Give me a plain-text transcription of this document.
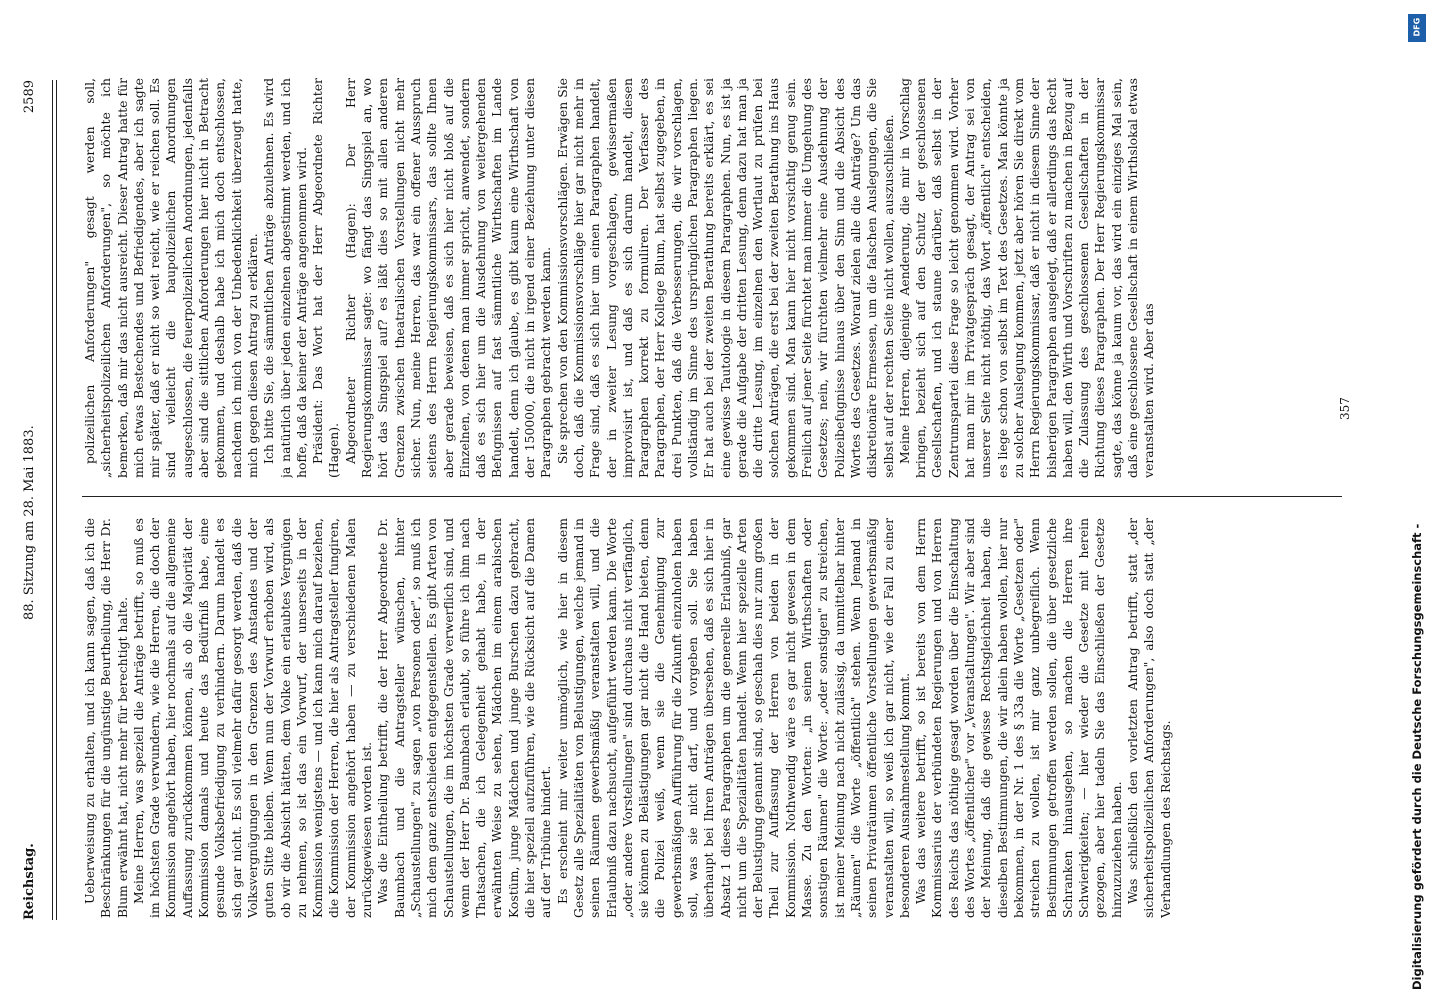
Reichstag.
88. Sitzung am 28. Mai 1883.
2589

Ueberweisung zu erhalten, und ich kann sagen, daß ich die Beschränkungen für die ungünstige Beurtheilung, die Herr Dr. Blum erwähnt hat, nicht mehr für berechtigt halte. Meine Herren, was speziell die Anträge betrifft, so muß es im höchsten Grade verwundern, wie die Herren, die doch der Kommission angehört haben, hier nochmals auf die allgemeine Auffassung zurückkommen können, als ob die Majorität der Kommission damals und heute das Bedürfniß habe, eine gesunde Volksbefriedigung zu verhindern. Darum handelt es sich gar nicht. Es soll vielmehr dafür gesorgt werden, daß die Volksvergnügungen in den Grenzen des Anstandes und der guten Sitte bleiben. Wenn nun der Vorwurf erhoben wird, als ob wir die Absicht hätten, dem Volke ein erlaubtes Vergnügen zu nehmen, so ist das ein Vorwurf, der unserseits in der Kommission wenigstens — und ich kann mich darauf beziehen, die Kommission der Herren, die hier als Antragsteller fungiren, der Kommission angehört haben — zu verschiedenen Malen zurückgewiesen worden ist. Was die Eintheilung betrifft, die der Herr Abgeordnete Dr. Baumbach und die Antragsteller wünschen, hinter „Schaustellungen" zu sagen „von Personen oder", so muß ich mich dem ganz entschieden entgegenstellen. Es gibt Arten von Schaustellungen, die im höchsten Grade verwerflich sind, und wenn der Herr Dr. Baumbach erlaubt, so führe ich ihm nach Thatsachen, die ich Gelegenheit gehabt habe, in der erwähnten Weise zu sehen, Mädchen im einem arabischen Kostüm, junge Mädchen und junge Burschen dazu gebracht, die hier speziell aufzuführen, wie die Rücksicht auf die Damen auf der Tribüne hindert. Es erscheint mir weiter unmöglich, wie hier in diesem Gesetz alle Spezialitäten von Belustigungen, welche jemand in seinen Räumen gewerbsmäßig veranstalten will, und die Erlaubniß dazu nachsucht, aufgeführt werden kann. Die Worte „oder andere Vorstellungen" sind durchaus nicht verfänglich, sie können zu Belästigungen gar nicht die Hand bieten, denn die Polizei weiß, wenn sie die Genehmigung zur gewerbsmäßigen Aufführung für die Zukunft einzuholen haben soll, was sie nicht darf, und vorgeben soll. Sie haben überhaupt bei Ihren Anträgen übersehen, daß es sich hier in Absatz 1 dieses Paragraphen um die generelle Erlaubniß, gar nicht um die Spezialitäten handelt. Wenn hier spezielle Arten der Belustigung genannt sind, so geschah dies nur zum großen Theil zur Auffassung der Herren von beiden in der Kommission. Nothwendig wäre es gar nicht gewesen in dem Masse. Zu den Worten: „in seinen Wirthschaften oder sonstigen Räumen" die Worte: „oder sonstigen" zu streichen, ist meiner Meinung nach nicht zulässig, da unmittelbar hinter „Räumen" die Worte „öffentlich" stehen. Wenn Jemand in seinen Privaträumen öffentliche Vorstellungen gewerbsmäßig veranstalten will, so weiß ich gar nicht, wie der Fall zu einer besonderen Ausnahmestellung kommt. Was das weitere betrifft, so ist bereits von dem Herrn Kommissarius der verbündeten Regierungen und von Herren des Reichs das nöthige gesagt worden über die Einschaltung des Wortes „öffentlicher" vor „Veranstaltungen". Wir aber sind der Meinung, daß die gewisse Rechtsgleichheit haben, die dieselben Bestimmungen, die wir allein haben wollen, hier nur bekommen, in der Nr. 1 des § 33a die Worte „Gesetzen oder" streichen zu wollen, ist mir ganz unbegreiflich. Wenn Bestimmungen getroffen werden sollen, die über gesetzliche Schranken hinausgehen, so machen die Herren ihre Schwierigkeiten; — hier wieder die Gesetze mit herein gezogen, aber hier tadeln Sie das Einschließen der Gesetze hinzuzuziehen haben. Was schließlich den vorletzten Antrag betrifft, statt „der sicherheitspolizeilichen Anforderungen", also doch statt „der Verhandlungen des Reichstags.

polizeilichen Anforderungen" gesagt werden soll, „sicherheitspolizeilichen Anforderungen", so möchte ich bemerken, daß mir das nicht ausreicht. Dieser Antrag hatte für mich etwas Bestechendes und Befriedigendes, aber ich sagte mir später, daß er nicht so weit reicht, wie er reichen soll. Es sind vielleicht die baupolizeilichen Anordnungen ausgeschlossen, die feuerpolizeilichen Anordnungen, jedenfalls aber sind die sittlichen Anforderungen hier nicht in Betracht gekommen, und deshalb habe ich mich doch entschlossen, nachdem ich mich von der Unbedenklichkeit überzeugt hatte, mich gegen diesen Antrag zu erklären. Ich bitte Sie, die sämmtlichen Anträge abzulehnen. Es wird ja natürlich über jeden einzelnen abgestimmt werden, und ich hoffe, daß da keiner der Anträge angenommen wird. Präsident: Das Wort hat der Herr Abgeordnete Richter (Hagen). Abgeordneter Richter (Hagen): Der Herr Regierungskommissar sagte: wo fängt das Singspiel an, wo hört das Singspiel auf? es läßt dies so mit allen anderen Grenzen zwischen theatralischen Vorstellungen nicht mehr sicher. Nun, meine Herren, das war ein offener Ausspruch seitens des Herrn Regierungskommissars, das sollte Ihnen aber gerade beweisen, daß es sich hier nicht bloß auf die Einzelnen, von denen man immer spricht, anwendet, sondern daß es sich hier um die Ausdehnung von weitergehenden Befugnissen auf fast sämmtliche Wirthschaften im Lande handelt, denn ich glaube, es gibt kaum eine Wirthschaft von der 150000, die nicht in irgend einer Beziehung unter diesen Paragraphen gebracht werden kann. Sie sprechen von den Kommissionsvorschlägen. Erwägen Sie doch, daß die Kommissionsvorschläge hier gar nicht mehr in Frage sind, daß es sich hier um einen Paragraphen handelt, der in zweiter Lesung vorgeschlagen, gewissermaßen improvisirt ist, und daß es sich darum handelt, diesen Paragraphen korrekt zu formuliren. Der Verfasser des Paragraphen, der Herr Kollege Blum, hat selbst zugegeben, in drei Punkten, daß die Verbesserungen, die wir vorschlagen, vollständig im Sinne des ursprünglichen Paragraphen liegen. Er hat auch bei der zweiten Berathung bereits erklärt, es sei eine gewisse Tautologie in diesem Paragraphen. Nun, es ist ja gerade die Aufgabe der dritten Lesung, denn dazu hat man ja die dritte Lesung, im einzelnen den Wortlaut zu prüfen bei solchen Anträgen, die erst bei der zweiten Berathung ins Haus gekommen sind. Man kann hier nicht vorsichtig genug sein. Freilich auf jener Seite fürchtet man immer die Umgehung des Gesetzes; nein, wir fürchten vielmehr eine Ausdehnung der Polizeibefugnisse hinaus über den Sinn und die Absicht des Wortes des Gesetzes. Worauf zielen alle die Anträge? Um das diskretionäre Ermessen, um die falschen Auslegungen, die Sie selbst auf der rechten Seite nicht wollen, auszuschließen. Meine Herren, diejenige Aenderung, die mir in Vorschlag bringen, bezieht sich auf den Schutz der geschlossenen Gesellschaften, und ich staune darüber, daß selbst in der Zentrumspartei diese Frage so leicht genommen wird. Vorher hat man mir im Privatgespräch gesagt, der Antrag sei von unserer Seite nicht nöthig, das Wort „öffentlich" entscheiden, es liege schon von selbst im Text des Gesetzes. Man könnte ja zu solcher Auslegung kommen, jetzt aber hören Sie direkt vom Herrn Regierungskommissar, daß er nicht in diesem Sinne der bisherigen Paragraphen ausgelegt, daß er allerdings das Recht haben will, den Wirth und Vorschriften zu machen in Bezug auf die Zulassung des geschlossenen Gesellschaften in der Richtung dieses Paragraphen. Der Herr Regierungskommissar sagte, das könne ja kaum vor, das wird ein einziges Mal sein, daß eine geschlossene Gesellschaft in einem Wirthslokal etwas veranstalten wird. Aber das	357
DFG
Digitalisierung gefördert durch die Deutsche Forschungsgemeinschaft -
